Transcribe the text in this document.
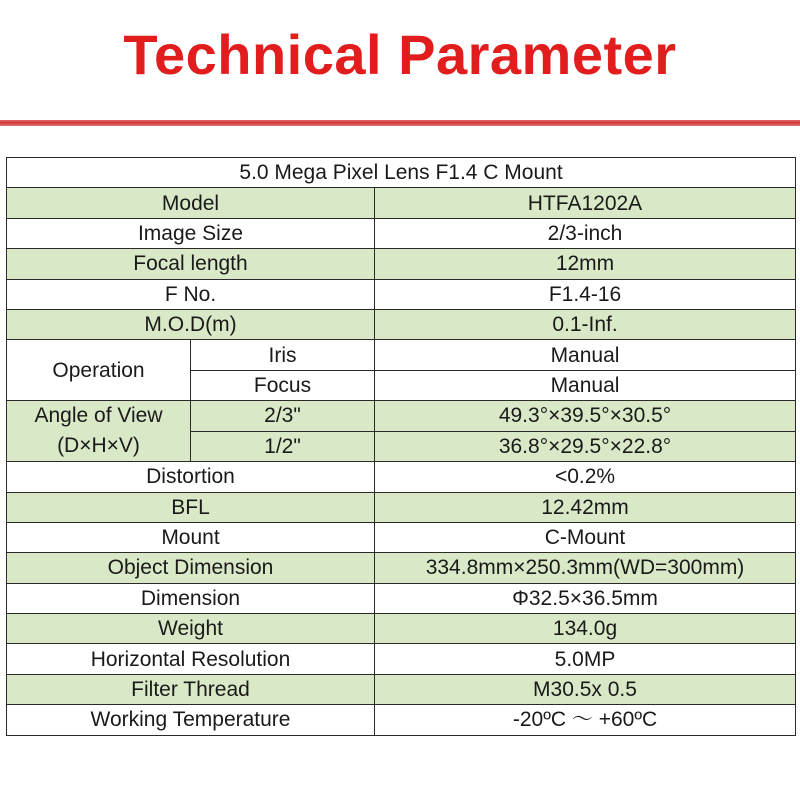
Technical Parameter
5.0 Mega Pixel Lens F1.4 C Mount		
Model		HTFA1202A
Image Size		2/3-inch
Focal length		12mm
F No.		F1.4-16
M.O.D(m)		0.1-Inf.
Operation	Iris	Manual
	Focus	Manual

Angle of View
(D×H×V)	2/3"	49.3°×39.5°×30.5°
	1/2"	36.8°×29.5°×22.8°
Distortion		<0.2%
BFL		12.42mm
Mount		C-Mount
Object Dimension		334.8mm×250.3mm(WD=300mm)
Dimension		Φ32.5×36.5mm
Weight		134.0g
Horizontal Resolution		5.0MP
Filter Thread		M30.5x 0.5
Working Temperature		-20ºC ～ +60ºC
